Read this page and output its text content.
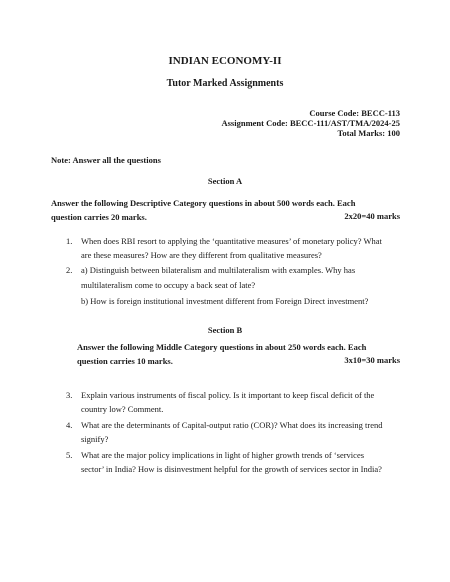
INDIAN ECONOMY-II
Tutor Marked Assignments
Course Code: BECC-113
Assignment Code: BECC-111/AST/TMA/2024-25
Total Marks: 100
Note: Answer all the questions
Section A
Answer the following Descriptive Category questions in about 500 words each. Each
question carries 20 marks.	2x20=40 marks
1. When does RBI resort to applying the ‘quantitative measures’ of monetary policy? What
are these measures? How are they different from qualitative measures?
2. a) Distinguish between bilateralism and multilateralism with examples. Why has
multilateralism come to occupy a back seat of late?
b) How is foreign institutional investment different from Foreign Direct investment?
Section B
Answer the following Middle Category questions in about 250 words each. Each
question carries 10 marks.	3x10=30 marks
3. Explain various instruments of fiscal policy. Is it important to keep fiscal deficit of the
country low? Comment.
4. What are the determinants of Capital-output ratio (COR)? What does its increasing trend
signify?
5. What are the major policy implications in light of higher growth trends of ‘services
sector’ in India? How is disinvestment helpful for the growth of services sector in India?
